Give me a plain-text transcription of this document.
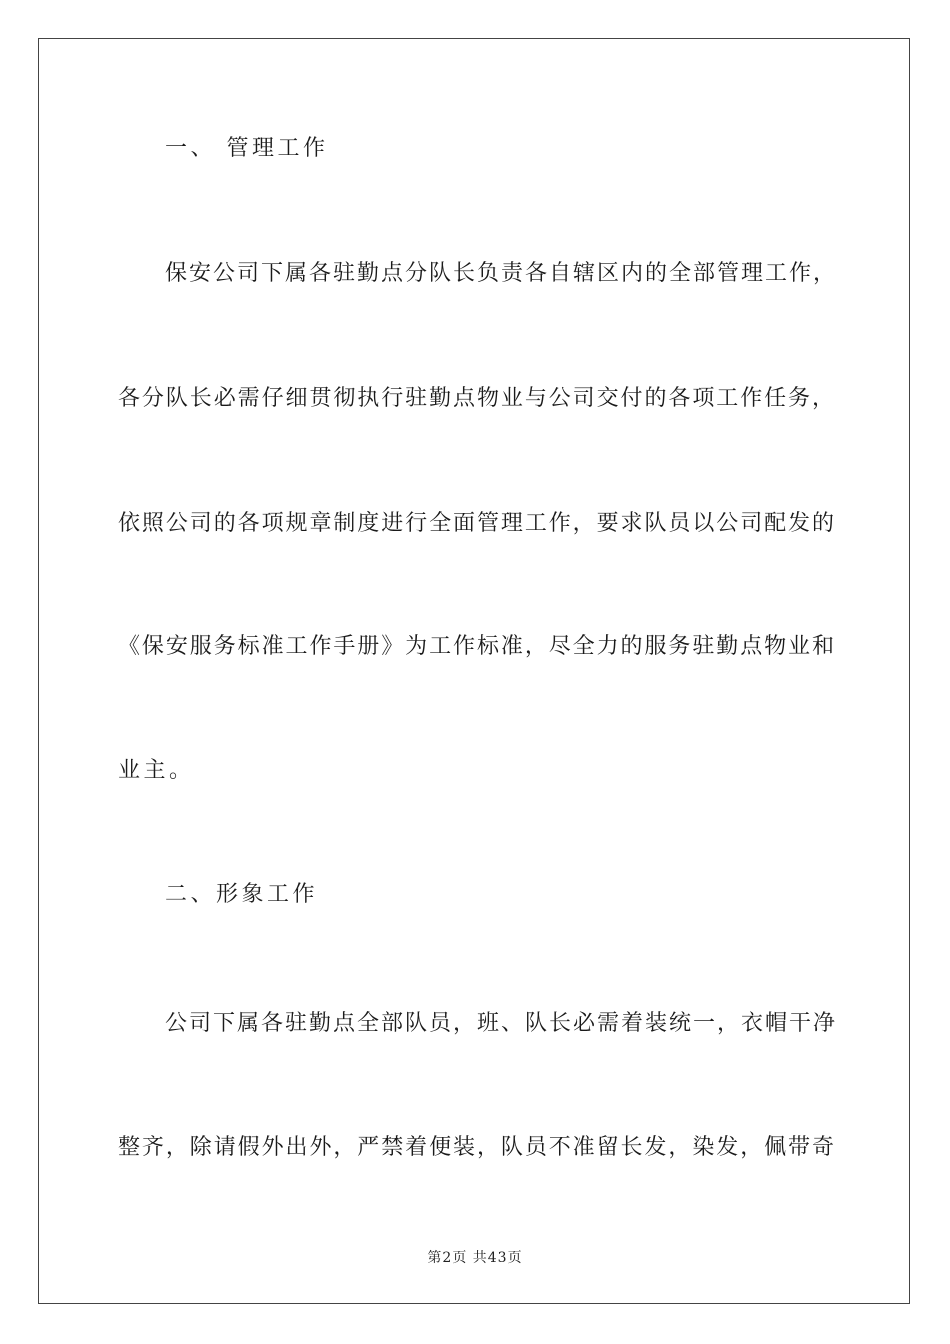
一、 管理工作
保安公司下属各驻勤点分队长负责各自辖区内的全部管理工作，
各分队长必需仔细贯彻执行驻勤点物业与公司交付的各项工作任务，
依照公司的各项规章制度进行全面管理工作，要求队员以公司配发的
《保安服务标准工作手册》为工作标准，尽全力的服务驻勤点物业和
业主。
二、形象工作
公司下属各驻勤点全部队员，班、队长必需着装统一，衣帽干净
整齐，除请假外出外，严禁着便装，队员不准留长发，染发，佩带奇
第2页 共43页
